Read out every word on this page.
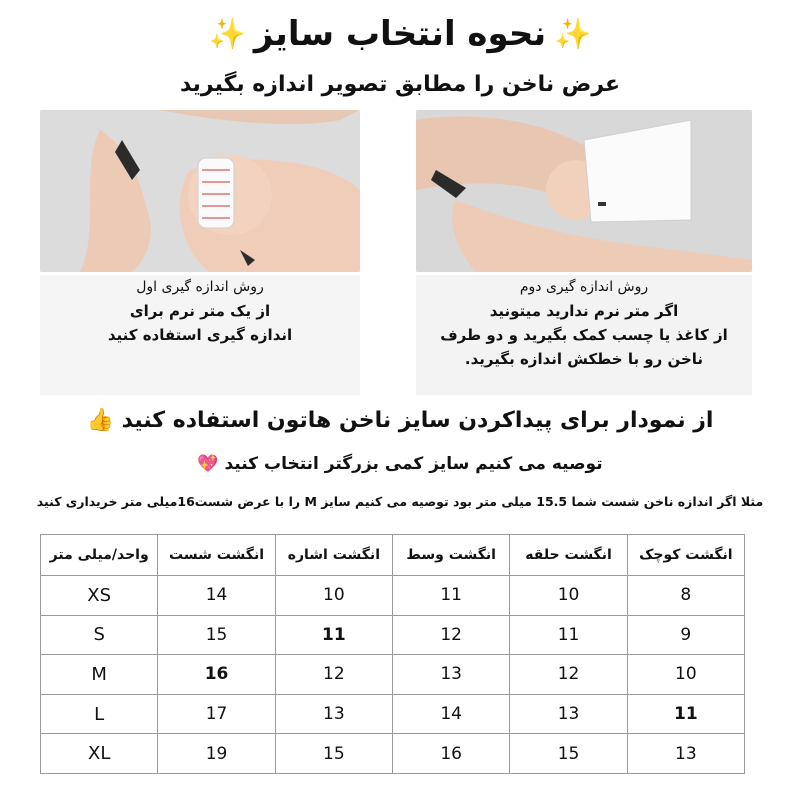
✨
نحوه انتخاب سایز
✨
عرض ناخن را مطابق تصویر اندازه بگیرید
روش اندازه گیری اول
از یک متر نرم برای
اندازه گیری استفاده کنید
روش اندازه گیری دوم
اگر متر نرم ندارید میتونید
از کاغذ یا چسب کمک بگیرید و دو طرف
ناخن رو با خطکش اندازه بگیرید.
از نمودار برای پیداکردن سایز ناخن هاتون استفاده کنید 👍
توصیه می کنیم سایز کمی بزرگتر انتخاب کنید 💖
مثلا اگر اندازه ناخن شست شما 15.5 میلی متر بود توصیه می کنیم سایز M را با عرض شست16میلی متر خریداری کنید
انگشت کوچک	انگشت حلقه	انگشت وسط	انگشت اشاره	انگشت شست	واحد/میلی متر
8	10	11	10	14	XS
9	11	12	11	15	S
10	12	13	12	16	M
11	13	14	13	17	L
13	15	16	15	19	XL
